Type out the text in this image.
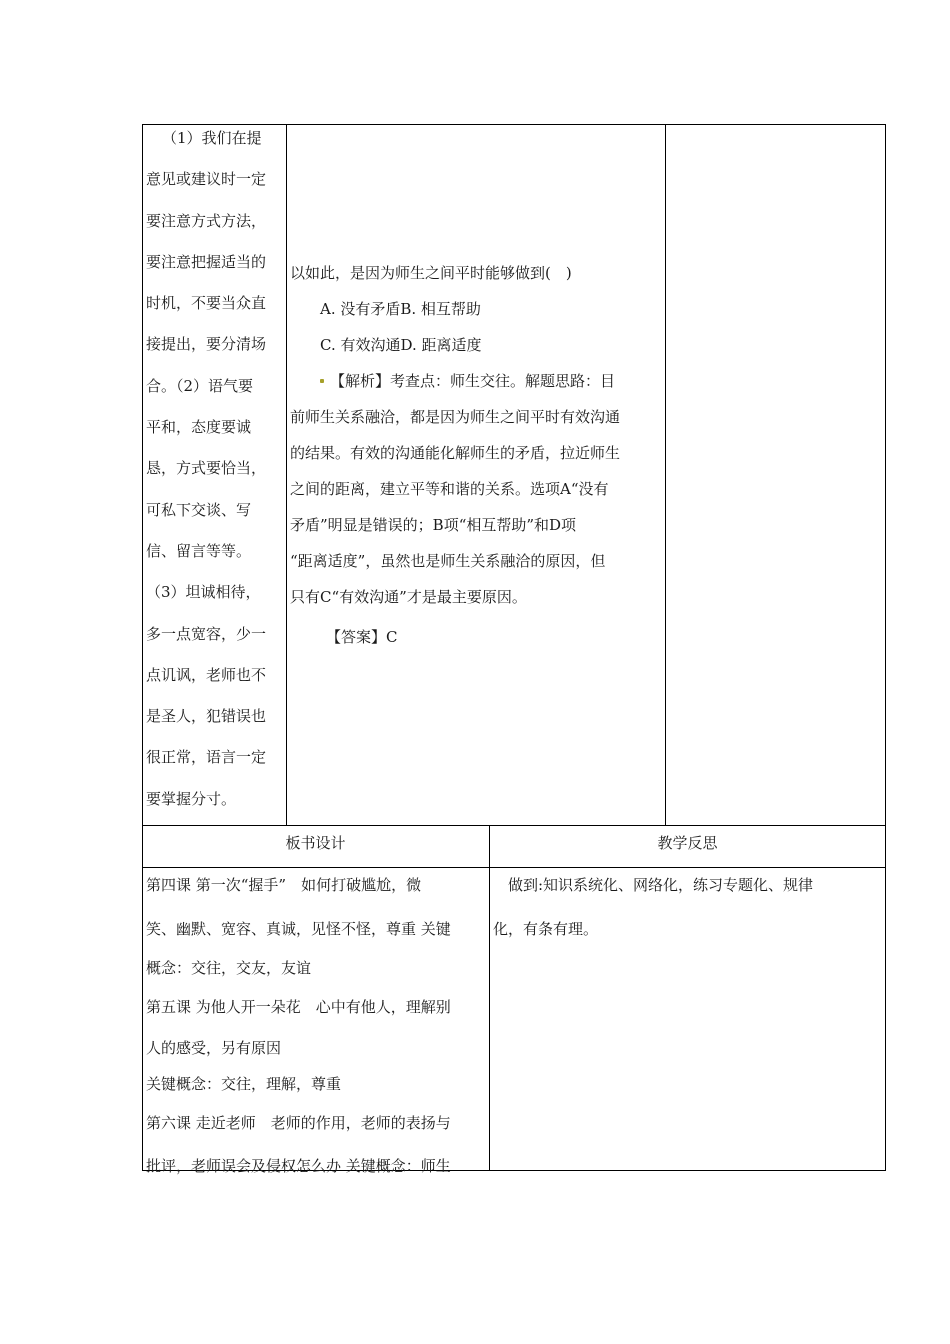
（1）我们在提
意见或建议时一定
要注意方式方法，
要注意把握适当的
时机，不要当众直
接提出，要分清场
合。（2）语气要
平和，态度要诚
恳，方式要恰当，
可私下交谈、写
信、留言等等。
（3）坦诚相待，
多一点宽容，少一
点讥讽，老师也不
是圣人，犯错误也
很正常，语言一定
要掌握分寸。
以如此，是因为师生之间平时能够做到(　)
A. 没有矛盾B. 相互帮助
C. 有效沟通D. 距离适度
【解析】考查点：师生交往。解题思路：目
前师生关系融洽，都是因为师生之间平时有效沟通
的结果。有效的沟通能化解师生的矛盾，拉近师生
之间的距离，建立平等和谐的关系。选项A“没有
矛盾”明显是错误的；B项“相互帮助”和D项
“距离适度”，虽然也是师生关系融洽的原因，但
只有C“有效沟通”才是最主要原因。
【答案】C
板书设计	教学反思
第四课 第一次“握手”　如何打破尴尬，微
笑、幽默、宽容、真诚，见怪不怪，尊重 关键
概念：交往，交友，友谊
第五课 为他人开一朵花　心中有他人，理解别
人的感受，另有原因
关键概念：交往，理解，尊重
第六课 走近老师　老师的作用，老师的表扬与
批评，老师误会及侵权怎么办 关键概念：师生
做到:知识系统化、网络化，练习专题化、规律
化，有条有理。
